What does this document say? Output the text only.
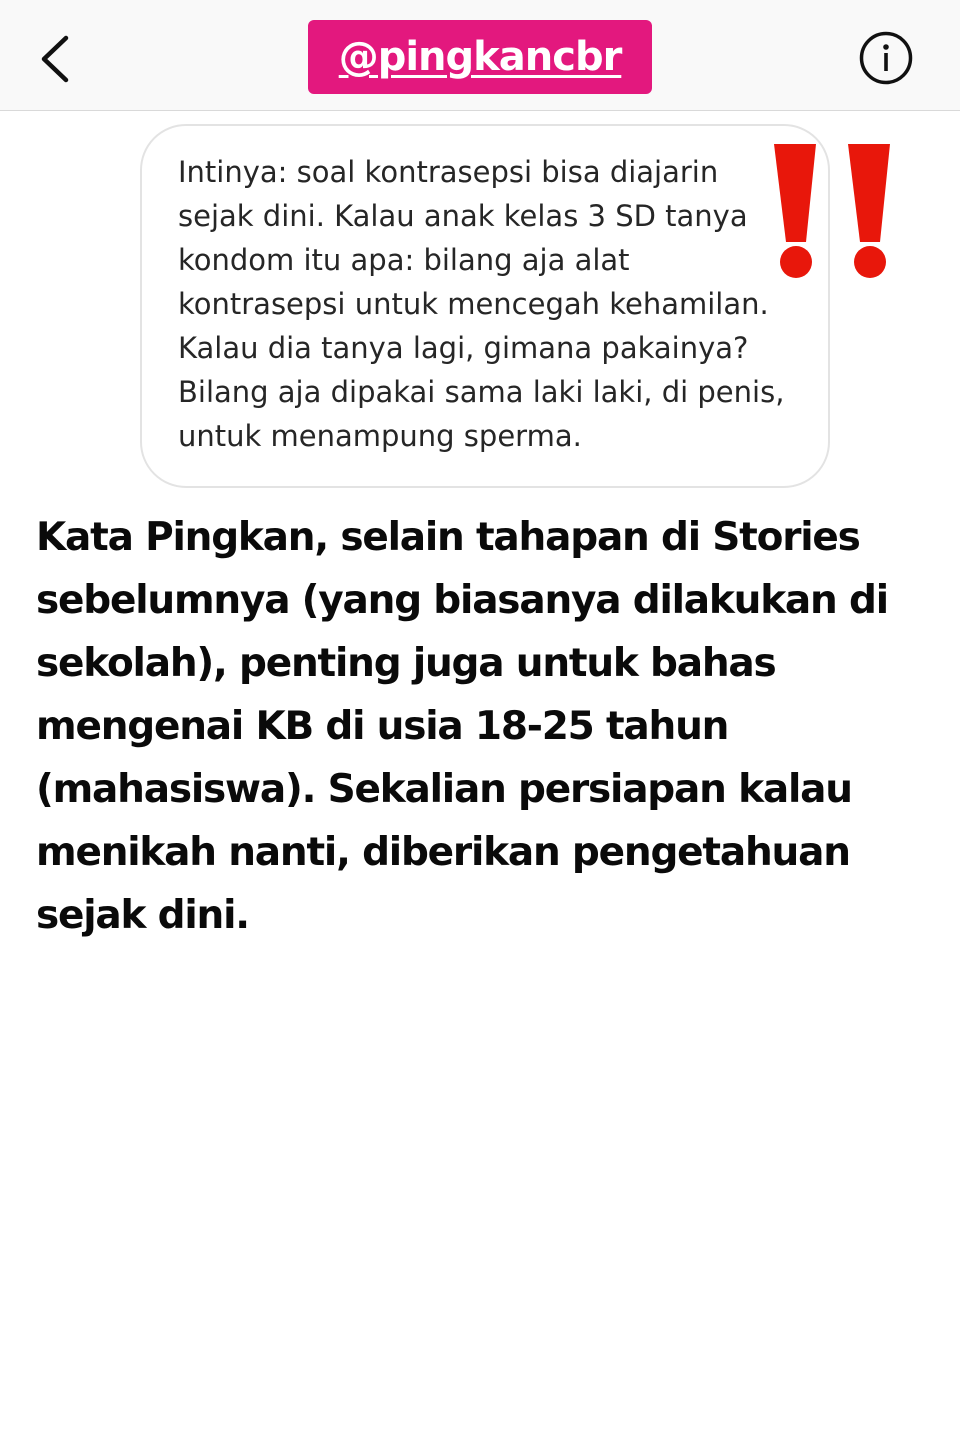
@pingkancbr
Intinya: soal kontrasepsi bisa diajarin
sejak dini. Kalau anak kelas 3 SD tanya
kondom itu apa: bilang aja alat
kontrasepsi untuk mencegah kehamilan.
Kalau dia tanya lagi, gimana pakainya?
Bilang aja dipakai sama laki laki, di penis,
untuk menampung sperma.
Kata Pingkan, selain tahapan di Stories
sebelumnya (yang biasanya dilakukan di
sekolah), penting juga untuk bahas
mengenai KB di usia 18-25 tahun
(mahasiswa). Sekalian persiapan kalau
menikah nanti, diberikan pengetahuan
sejak dini.
